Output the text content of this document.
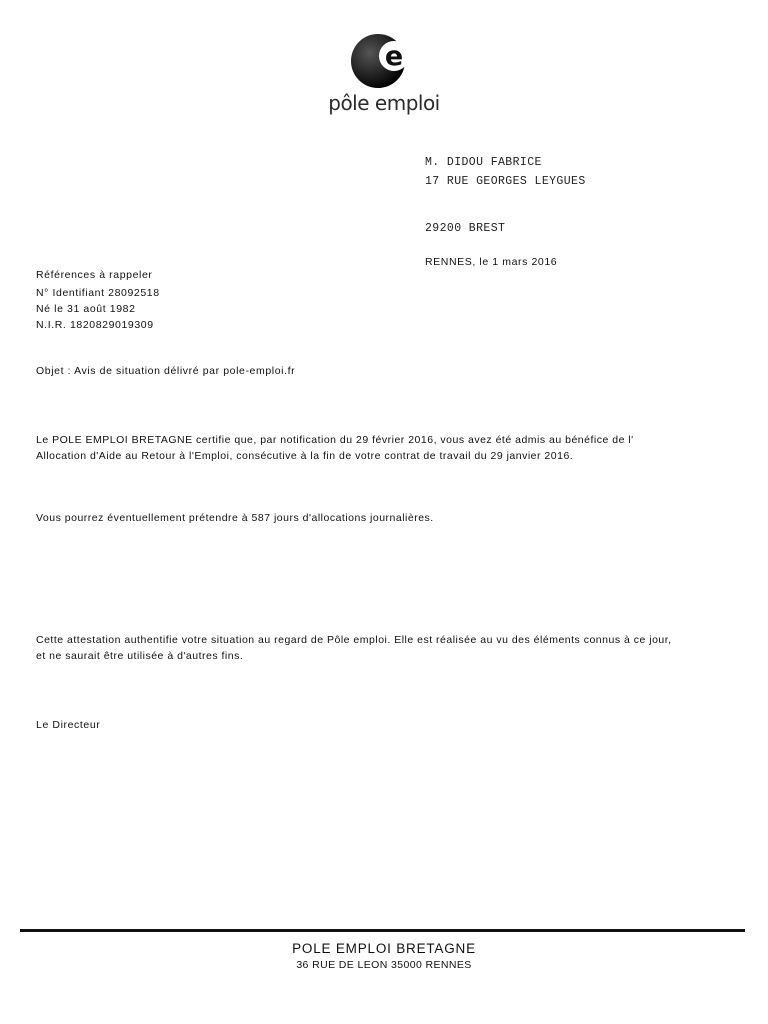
e
pôle emploi
M. DIDOU FABRICE
17 RUE GEORGES LEYGUES
29200 BREST
RENNES, le 1 mars 2016
Références à rappeler
N° Identifiant 28092518
Né le 31 août 1982
N.I.R. 1820829019309
Objet : Avis de situation délivré par pole-emploi.fr
Le POLE EMPLOI BRETAGNE certifie que, par notification du 29 février 2016, vous avez été admis au bénéfice de l'
Allocation d'Aide au Retour à l'Emploi, consécutive à la fin de votre contrat de travail du 29 janvier 2016.
Vous pourrez éventuellement prétendre à 587 jours d'allocations journalières.
Cette attestation authentifie votre situation au regard de Pôle emploi. Elle est réalisée au vu des éléments connus à ce jour,
et ne saurait être utilisée à d'autres fins.
Le Directeur
POLE EMPLOI BRETAGNE
36 RUE DE LEON 35000 RENNES
